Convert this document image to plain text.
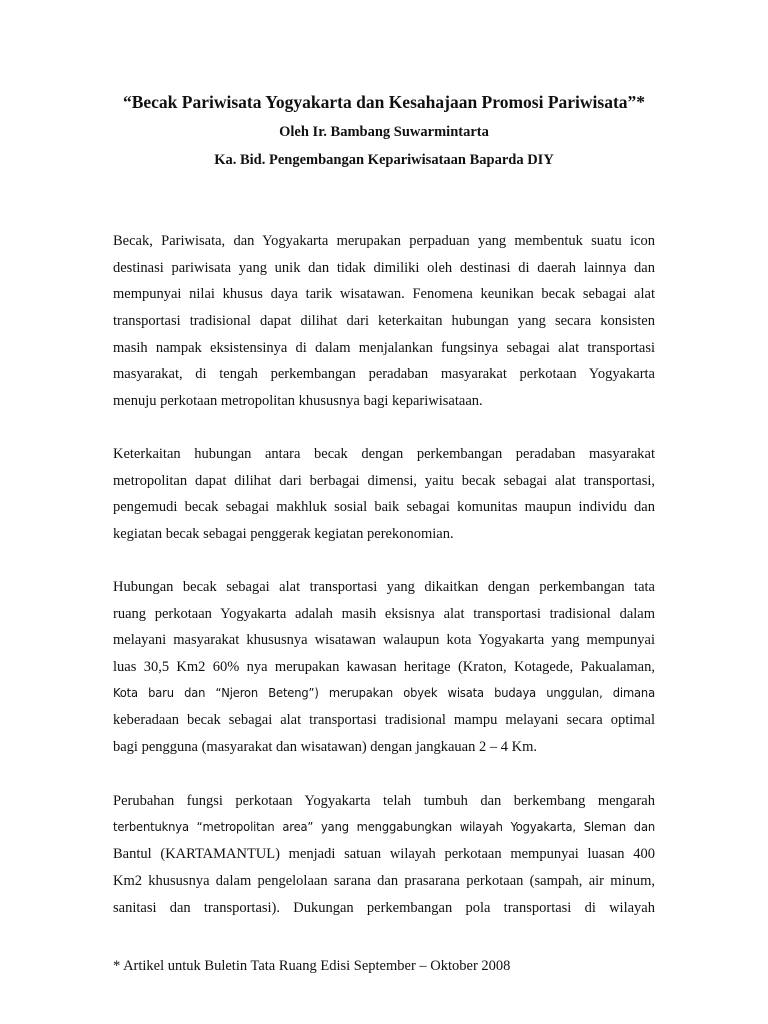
“Becak Pariwisata Yogyakarta dan Kesahajaan Promosi Pariwisata”*
Oleh Ir. Bambang Suwarmintarta
Ka. Bid. Pengembangan Kepariwisataan Baparda DIY
Becak, Pariwisata, dan Yogyakarta merupakan perpaduan yang membentuk suatu icon
destinasi pariwisata yang unik dan tidak dimiliki oleh destinasi di daerah lainnya dan
mempunyai nilai khusus daya tarik wisatawan. Fenomena keunikan becak sebagai alat
transportasi tradisional dapat dilihat dari keterkaitan hubungan yang secara konsisten
masih nampak eksistensinya di dalam menjalankan fungsinya sebagai alat transportasi
masyarakat, di tengah perkembangan peradaban masyarakat perkotaan Yogyakarta
menuju perkotaan metropolitan khususnya bagi kepariwisataan.
Keterkaitan hubungan antara becak dengan perkembangan peradaban masyarakat
metropolitan dapat dilihat dari berbagai dimensi, yaitu becak sebagai alat transportasi,
pengemudi becak sebagai makhluk sosial baik sebagai komunitas maupun individu dan
kegiatan becak sebagai penggerak kegiatan perekonomian.
Hubungan becak sebagai alat transportasi yang dikaitkan dengan perkembangan tata
ruang perkotaan Yogyakarta adalah masih eksisnya alat transportasi tradisional dalam
melayani masyarakat khususnya wisatawan walaupun kota Yogyakarta yang mempunyai
luas 30,5 Km2 60% nya merupakan kawasan heritage (Kraton, Kotagede, Pakualaman,
Kota baru dan “Njeron Beteng”) merupakan obyek wisata budaya unggulan, dimana
keberadaan becak sebagai alat transportasi tradisional mampu melayani secara optimal
bagi pengguna (masyarakat dan wisatawan) dengan jangkauan 2 – 4 Km.
Perubahan fungsi perkotaan Yogyakarta telah tumbuh dan berkembang mengarah
terbentuknya “metropolitan area” yang menggabungkan wilayah Yogyakarta, Sleman dan
Bantul (KARTAMANTUL) menjadi satuan wilayah perkotaan mempunyai luasan 400
Km2 khususnya dalam pengelolaan sarana dan prasarana perkotaan (sampah, air minum,
sanitasi dan transportasi). Dukungan perkembangan pola transportasi di wilayah
* Artikel untuk Buletin Tata Ruang Edisi September – Oktober 2008
